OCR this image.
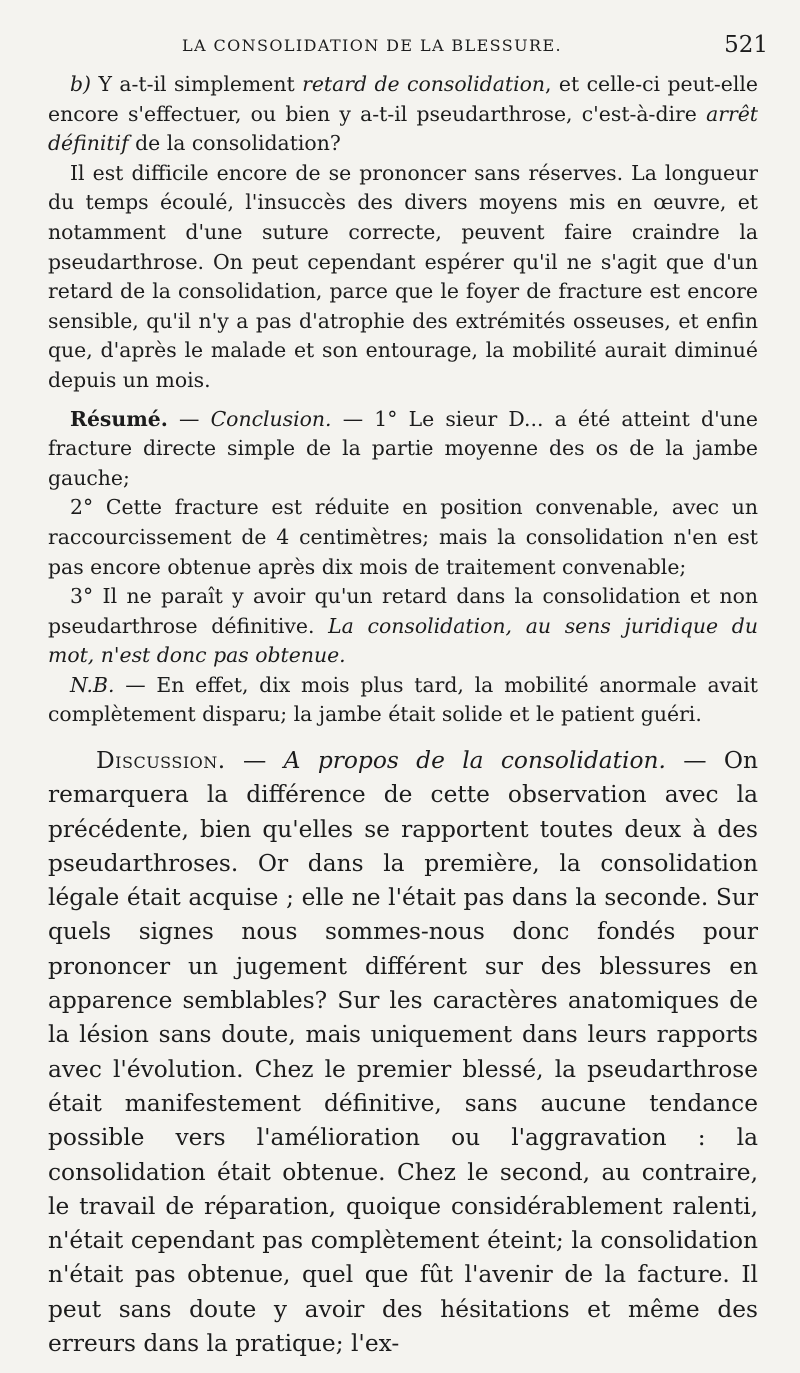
LA CONSOLIDATION DE LA BLESSURE.	521

b) Y a-t-il simplement retard de consolidation, et celle-ci peut-elle encore s'effectuer, ou bien y a-t-il pseudarthrose, c'est-à-dire arrêt définitif de la consolidation?

Il est difficile encore de se prononcer sans réserves. La longueur du temps écoulé, l'insuccès des divers moyens mis en œuvre, et notamment d'une suture correcte, peuvent faire craindre la pseudarthrose. On peut cependant espérer qu'il ne s'agit que d'un retard de la consolidation, parce que le foyer de fracture est encore sensible, qu'il n'y a pas d'atrophie des extrémités osseuses, et enfin que, d'après le malade et son entourage, la mobilité aurait diminué depuis un mois.

Résumé. — Conclusion. — 1° Le sieur D... a été atteint d'une fracture directe simple de la partie moyenne des os de la jambe gauche;

2° Cette fracture est réduite en position convenable, avec un raccourcissement de 4 centimètres; mais la consolidation n'en est pas encore obtenue après dix mois de traitement convenable;

3° Il ne paraît y avoir qu'un retard dans la consolidation et non pseudarthrose définitive. La consolidation, au sens juridique du mot, n'est donc pas obtenue.

N.B. — En effet, dix mois plus tard, la mobilité anormale avait complètement disparu; la jambe était solide et le patient guéri.

Discussion. — A propos de la consolidation. — On remarquera la différence de cette observation avec la précédente, bien qu'elles se rapportent toutes deux à des pseudarthroses. Or dans la première, la consolidation légale était acquise ; elle ne l'était pas dans la seconde. Sur quels signes nous sommes-nous donc fondés pour prononcer un jugement différent sur des blessures en apparence semblables? Sur les caractères anatomiques de la lésion sans doute, mais uniquement dans leurs rapports avec l'évolution. Chez le premier blessé, la pseudarthrose était manifestement définitive, sans aucune tendance possible vers l'amélioration ou l'aggravation : la consolidation était obtenue. Chez le second, au contraire, le travail de réparation, quoique considérablement ralenti, n'était cependant pas complètement éteint; la consolidation n'était pas obtenue, quel que fût l'avenir de la facture. Il peut sans doute y avoir des hésitations et même des erreurs dans la pratique; l'ex-
